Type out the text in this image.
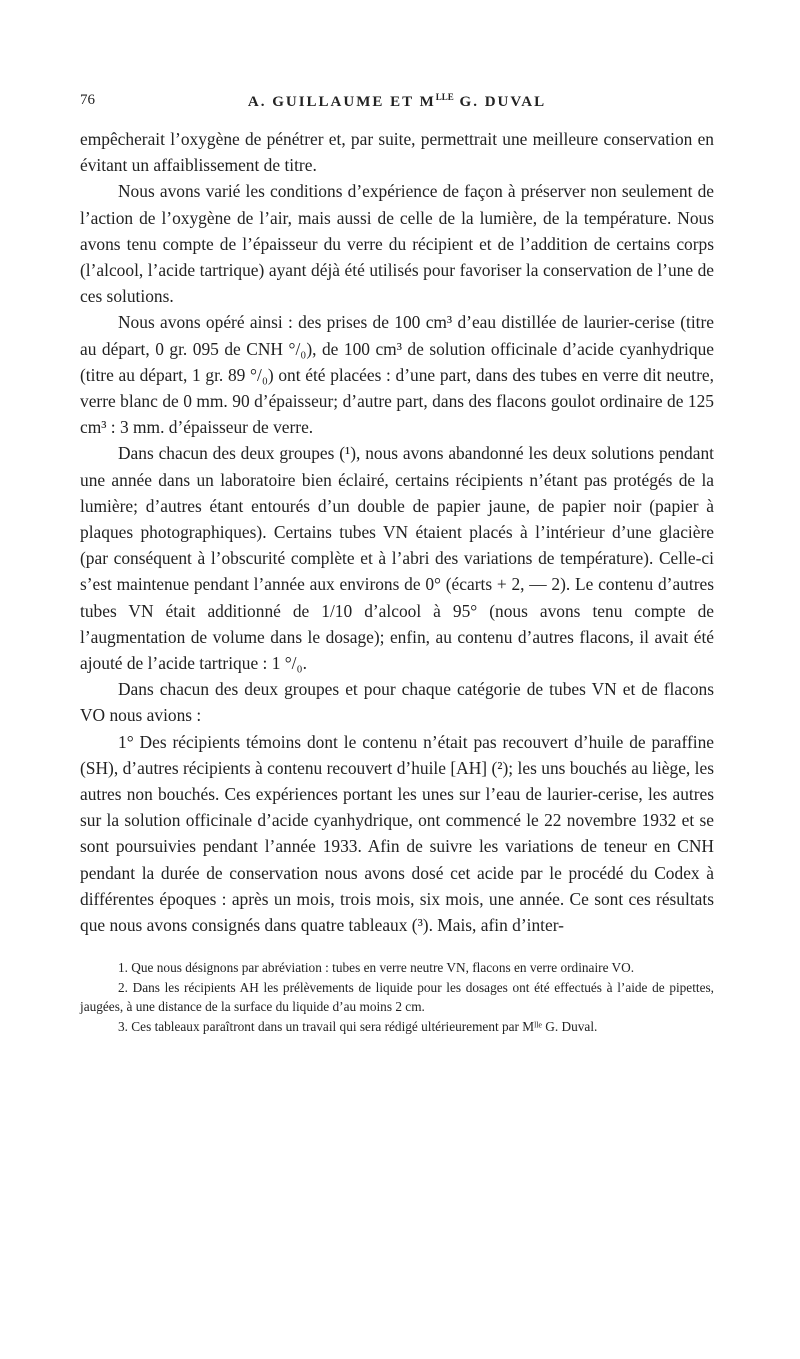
76	A. GUILLAUME ET $M^{LLE}$ G. DUVAL

empêcherait l’oxygène de pénétrer et, par suite, permettrait une meilleure conservation en évitant un affaiblissement de titre.

Nous avons varié les conditions d’expérience de façon à préserver non seulement de l’action de l’oxygène de l’air, mais aussi de celle de la lumière, de la température. Nous avons tenu compte de l’épaisseur du verre du récipient et de l’addition de certains corps (l’alcool, l’acide tartrique) ayant déjà été utilisés pour favoriser la conservation de l’une de ces solutions.

Nous avons opéré ainsi : des prises de 100 cm³ d’eau distillée de laurier-cerise (titre au départ, 0 gr. 095 de CNH °/₀), de 100 cm³ de solution officinale d’acide cyanhydrique (titre au départ, 1 gr. 89 °/₀) ont été placées : d’une part, dans des tubes en verre dit neutre, verre blanc de 0 mm. 90 d’épaisseur; d’autre part, dans des flacons goulot ordinaire de 125 cm³ : 3 mm. d’épaisseur de verre.

Dans chacun des deux groupes (¹), nous avons abandonné les deux solutions pendant une année dans un laboratoire bien éclairé, certains récipients n’étant pas protégés de la lumière; d’autres étant entourés d’un double de papier jaune, de papier noir (papier à plaques photographiques). Certains tubes VN étaient placés à l’intérieur d’une glacière (par conséquent à l’obscurité complète et à l’abri des variations de température). Celle-ci s’est maintenue pendant l’année aux environs de 0° (écarts + 2, — 2). Le contenu d’autres tubes VN était additionné de 1/10 d’alcool à 95° (nous avons tenu compte de l’augmentation de volume dans le dosage); enfin, au contenu d’autres flacons, il avait été ajouté de l’acide tartrique : 1 °/₀.

Dans chacun des deux groupes et pour chaque catégorie de tubes VN et de flacons VO nous avions :

1° Des récipients témoins dont le contenu n’était pas recouvert d’huile de paraffine (SH), d’autres récipients à contenu recouvert d’huile [AH] (²); les uns bouchés au liège, les autres non bouchés. Ces expériences portant les unes sur l’eau de laurier-cerise, les autres sur la solution officinale d’acide cyanhydrique, ont commencé le 22 novembre 1932 et se sont poursuivies pendant l’année 1933. Afin de suivre les variations de teneur en CNH pendant la durée de conservation nous avons dosé cet acide par le procédé du Codex à différentes époques : après un mois, trois mois, six mois, une année. Ce sont ces résultats que nous avons consignés dans quatre tableaux (³). Mais, afin d’inter-

1. Que nous désignons par abréviation : tubes en verre neutre VN, flacons en verre ordinaire VO.

2. Dans les récipients AH les prélèvements de liquide pour les dosages ont été effectués à l’aide de pipettes, jaugées, à une distance de la surface du liquide d’au moins 2 cm.

3. Ces tableaux paraîtront dans un travail qui sera rédigé ultérieurement par Mˡˡᵉ G. Duval.
